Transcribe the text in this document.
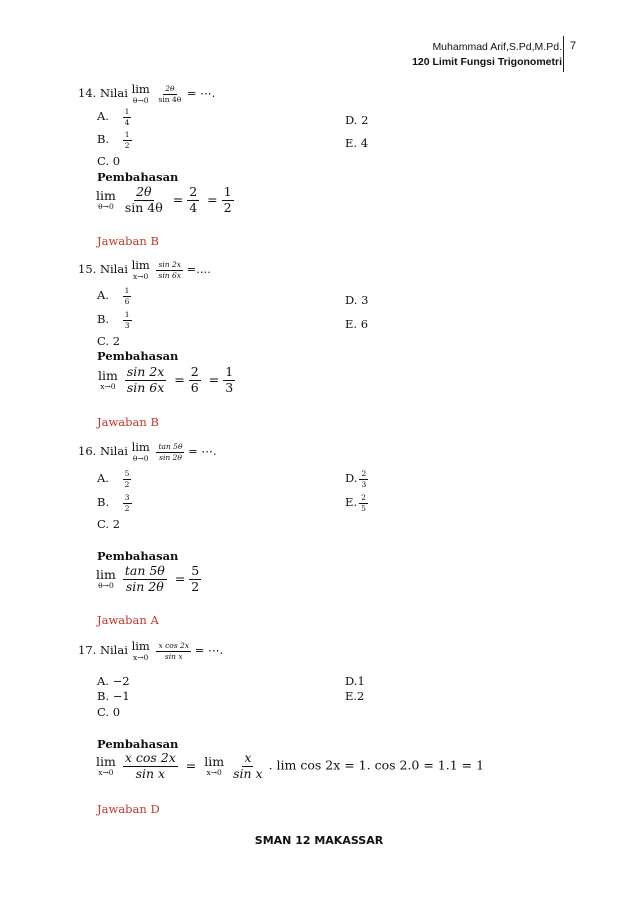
Muhammad Arif,S.Pd,M.Pd.
120 Limit Fungsi Trigonometri
7
14. Nilai lim
θ→0
$\frac{2\theta}{\sin 4\theta}$ = ⋯.
A. $\frac{1}{4}$	D. 2
B. $\frac{1}{2}$	E. 4
C. 0
Pembahasan
lim
θ→0
$\frac{2\theta}{\sin 4\theta} = \frac{2}{4} = \frac{1}{2}$
Jawaban B
15. Nilai lim
x→0
$\frac{\sin 2x}{\sin 6x}$ =....
A. $\frac{1}{6}$	D. 3
B. $\frac{1}{3}$	E. 6
C. 2
Pembahasan
lim
x→0
$\frac{\sin 2x}{\sin 6x} = \frac{2}{6} = \frac{1}{3}$
Jawaban B
16. Nilai lim
θ→0
$\frac{\tan 5\theta}{\sin 2\theta}$ = ⋯.
A. $\frac{5}{2}$	D. $\frac{2}{3}$
B. $\frac{3}{2}$	E. $\frac{2}{5}$
C. 2
Pembahasan
lim
θ→0
$\frac{\tan 5\theta}{\sin 2\theta} = \frac{5}{2}$
Jawaban A
17. Nilai lim
x→0
$\frac{\text{x cos 2x}}{\text{sin x}}$ = ⋯.
A. −2	D.1
B. −1	E.2
C. 0
Pembahasan
lim
x→0
$\frac{\text{x cos 2x}}{\text{sin x}} = \lim$
x→0
$\frac{x}{\text{sin x}}$ . lim cos 2x = 1. cos 2.0 = 1.1 = 1
Jawaban D
SMAN 12 MAKASSAR
